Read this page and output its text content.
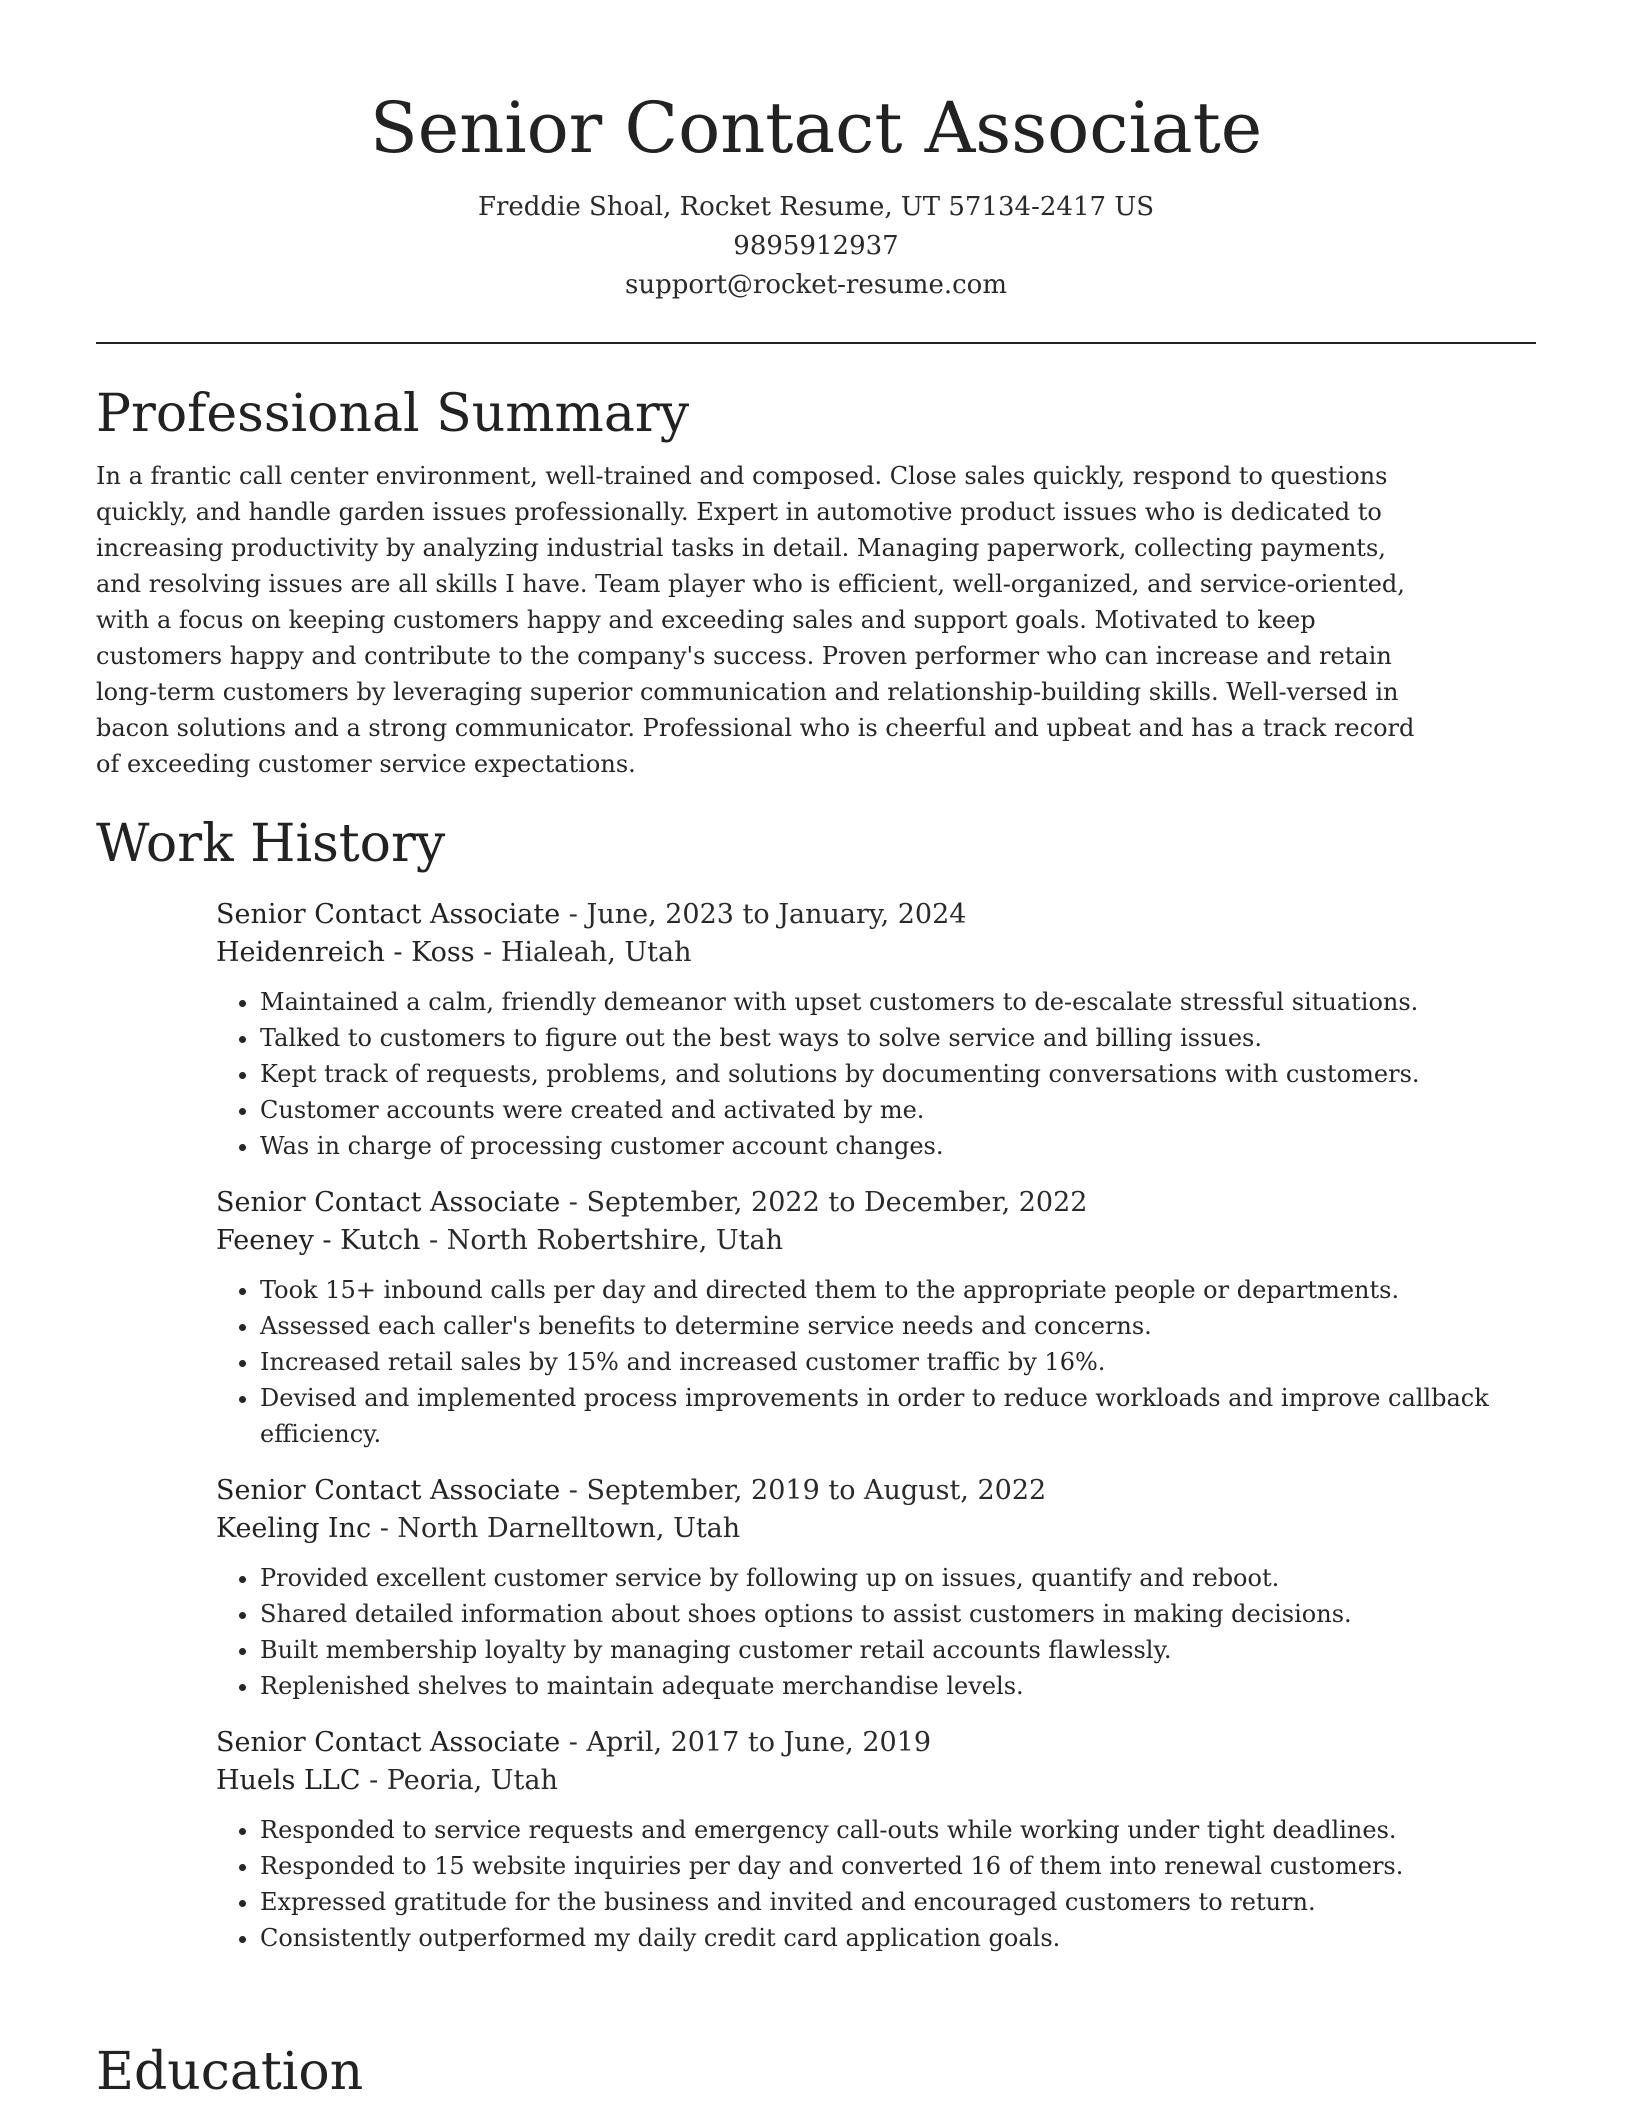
Senior Contact Associate
Freddie Shoal, Rocket Resume, UT 57134-2417 US
9895912937
support@rocket-resume.com
Professional Summary

In a frantic call center environment, well-trained and composed. Close sales quickly, respond to questions quickly, and handle garden issues professionally. Expert in automotive product issues who is dedicated to increasing productivity by analyzing industrial tasks in detail. Managing paperwork, collecting payments, and resolving issues are all skills I have. Team player who is efficient, well-organized, and service-oriented, with a focus on keeping customers happy and exceeding sales and support goals. Motivated to keep customers happy and contribute to the company's success. Proven performer who can increase and retain long-term customers by leveraging superior communication and relationship-building skills. Well-versed in bacon solutions and a strong communicator. Professional who is cheerful and upbeat and has a track record of exceeding customer service expectations.

Work History
Senior Contact Associate - June, 2023 to January, 2024
Heidenreich - Koss - Hialeah, Utah
• Maintained a calm, friendly demeanor with upset customers to de-escalate stressful situations.
• Talked to customers to figure out the best ways to solve service and billing issues.
• Kept track of requests, problems, and solutions by documenting conversations with customers.
• Customer accounts were created and activated by me.
• Was in charge of processing customer account changes.
Senior Contact Associate - September, 2022 to December, 2022
Feeney - Kutch - North Robertshire, Utah
• Took 15+ inbound calls per day and directed them to the appropriate people or departments.
• Assessed each caller's benefits to determine service needs and concerns.
• Increased retail sales by 15% and increased customer traffic by 16%.
• Devised and implemented process improvements in order to reduce workloads and improve callback efficiency.
Senior Contact Associate - September, 2019 to August, 2022
Keeling Inc - North Darnelltown, Utah
• Provided excellent customer service by following up on issues, quantify and reboot.
• Shared detailed information about shoes options to assist customers in making decisions.
• Built membership loyalty by managing customer retail accounts flawlessly.
• Replenished shelves to maintain adequate merchandise levels.
Senior Contact Associate - April, 2017 to June, 2019
Huels LLC - Peoria, Utah
• Responded to service requests and emergency call-outs while working under tight deadlines.
• Responded to 15 website inquiries per day and converted 16 of them into renewal customers.
• Expressed gratitude for the business and invited and encouraged customers to return.
• Consistently outperformed my daily credit card application goals.
Education
